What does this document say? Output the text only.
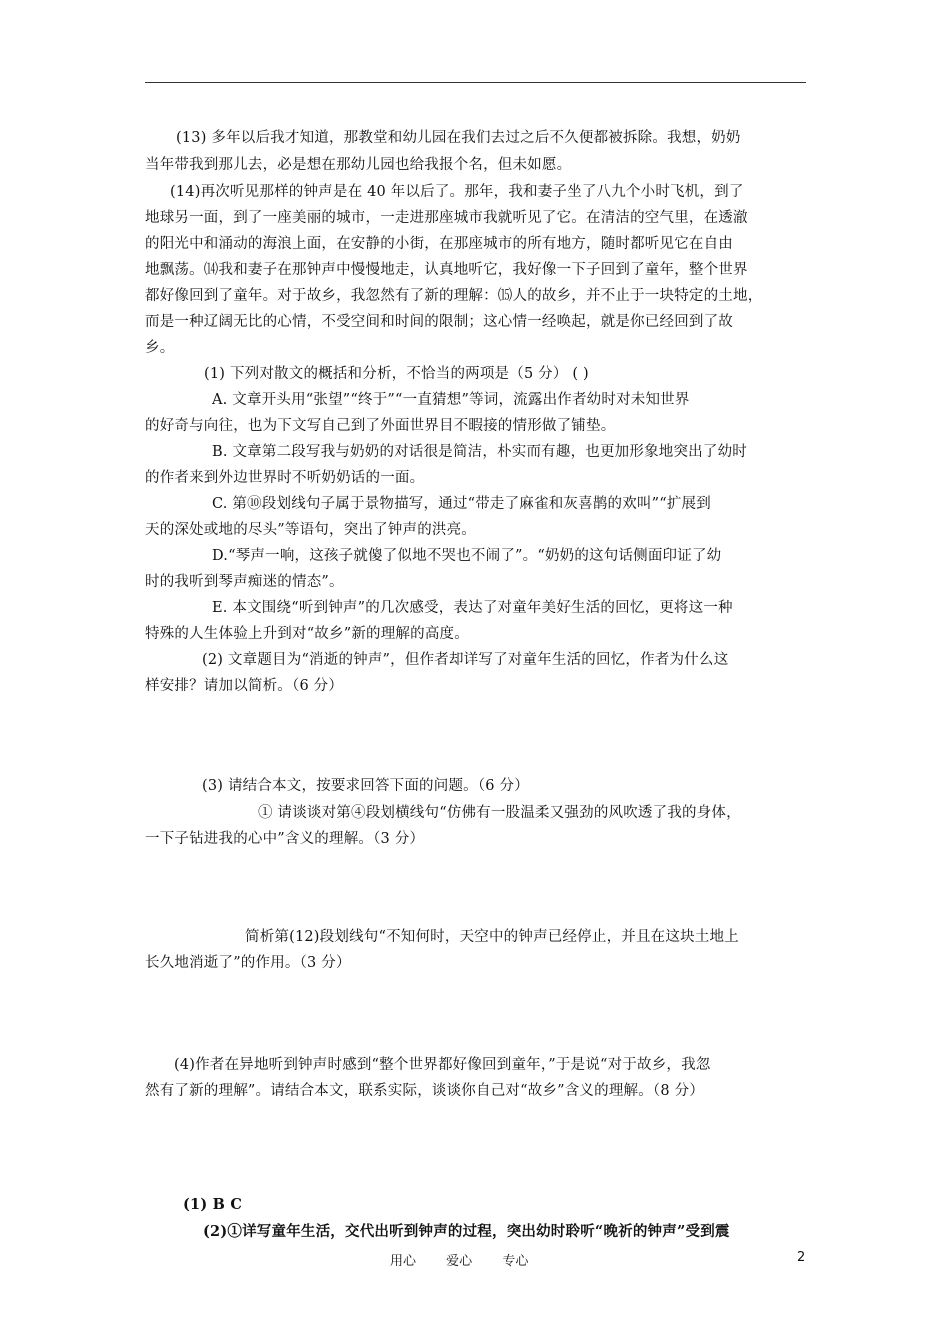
(13) 多年以后我才知道，那教堂和幼儿园在我们去过之后不久便都被拆除。我想，奶奶
当年带我到那儿去，必是想在那幼儿园也给我报个名，但未如愿。
(14)再次听见那样的钟声是在 40 年以后了。那年，我和妻子坐了八九个小时飞机，到了
地球另一面，到了一座美丽的城市，一走进那座城市我就听见了它。在清洁的空气里，在透澈
的阳光中和涌动的海浪上面，在安静的小街，在那座城市的所有地方，随时都听见它在自由
地飘荡。⒁我和妻子在那钟声中慢慢地走，认真地听它，我好像一下子回到了童年，整个世界
都好像回到了童年。对于故乡，我忽然有了新的理解：⒂人的故乡，并不止于一块特定的土地，
而是一种辽阔无比的心情，不受空间和时间的限制；这心情一经唤起，就是你已经回到了故
乡。
(1) 下列对散文的概括和分析，不恰当的两项是（5 分） ( )
A. 文章开头用“张望”“终于”“一直猜想”等词，流露出作者幼时对未知世界
的好奇与向往，也为下文写自己到了外面世界目不暇接的情形做了铺垫。
B. 文章第二段写我与奶奶的对话很是简洁，朴实而有趣，也更加形象地突出了幼时
的作者来到外边世界时不听奶奶话的一面。
C. 第⑩段划线句子属于景物描写，通过“带走了麻雀和灰喜鹊的欢叫”“扩展到
天的深处或地的尽头”等语句，突出了钟声的洪亮。
D.“琴声一响，这孩子就傻了似地不哭也不闹了”。“奶奶的这句话侧面印证了幼
时的我听到琴声痴迷的情态”。
E. 本文围绕“听到钟声”的几次感受，表达了对童年美好生活的回忆，更将这一种
特殊的人生体验上升到对“故乡”新的理解的高度。
(2) 文章题目为“消逝的钟声”，但作者却详写了对童年生活的回忆，作者为什么这
样安排？请加以简析。（6 分）
(3) 请结合本文，按要求回答下面的问题。（6 分）
① 请谈谈对第④段划横线句“仿佛有一股温柔又强劲的风吹透了我的身体，
一下子钻进我的心中”含义的理解。（3 分）
简析第(12)段划线句“不知何时，天空中的钟声已经停止，并且在这块土地上
长久地消逝了”的作用。（3 分）
(4)作者在异地听到钟声时感到“整个世界都好像回到童年，”于是说“对于故乡，我忽
然有了新的理解”。请结合本文，联系实际，谈谈你自己对“故乡”含义的理解。（8 分）
(1) B C
(2)①详写童年生活，交代出听到钟声的过程，突出幼时聆听“晚祈的钟声”受到震
用心 爱心 专心	2
